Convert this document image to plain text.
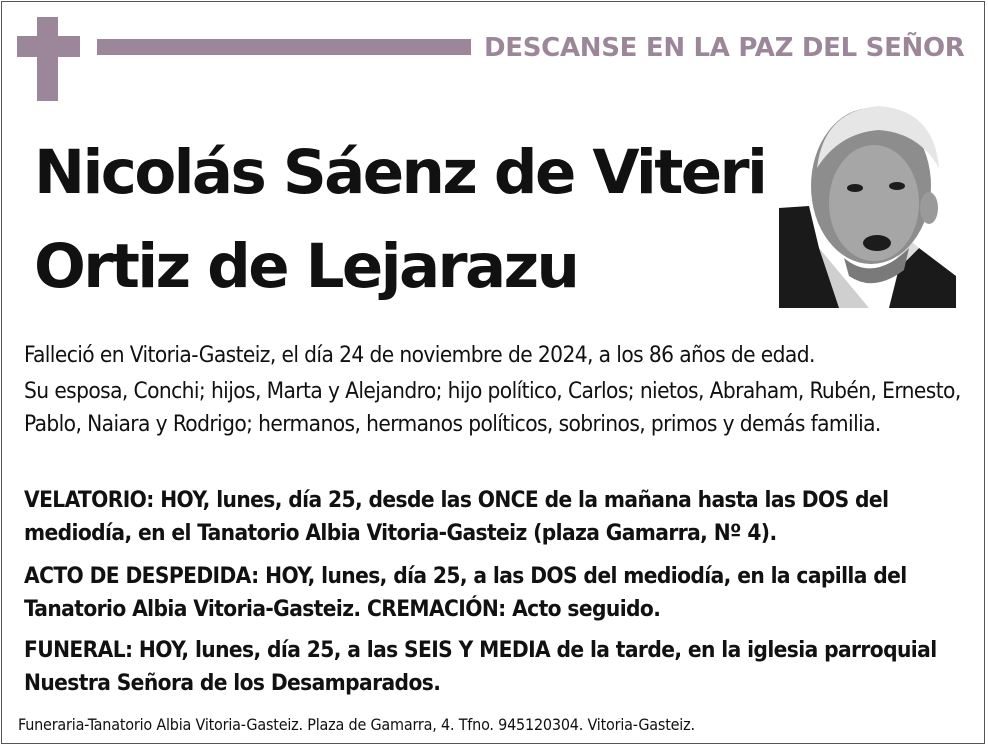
DESCANSE EN LA PAZ DEL SEÑOR
Nicolás Sáenz de Viteri
Ortiz de Lejarazu
Falleció en Vitoria-Gasteiz, el día 24 de noviembre de 2024, a los 86 años de edad.
Su esposa, Conchi; hijos, Marta y Alejandro; hijo político, Carlos; nietos, Abraham, Rubén, Ernesto, Pablo, Naiara y Rodrigo; hermanos, hermanos políticos, sobrinos, primos y demás familia.
VELATORIO: HOY, lunes, día 25, desde las ONCE de la mañana hasta las DOS del mediodía, en el Tanatorio Albia Vitoria-Gasteiz (plaza Gamarra, Nº 4).
ACTO DE DESPEDIDA: HOY, lunes, día 25, a las DOS del mediodía, en la capilla del Tanatorio Albia Vitoria-Gasteiz. CREMACIÓN: Acto seguido.
FUNERAL: HOY, lunes, día 25, a las SEIS Y MEDIA de la tarde, en la iglesia parroquial Nuestra Señora de los Desamparados.
Funeraria-Tanatorio Albia Vitoria-Gasteiz. Plaza de Gamarra, 4. Tfno. 945120304. Vitoria-Gasteiz.
